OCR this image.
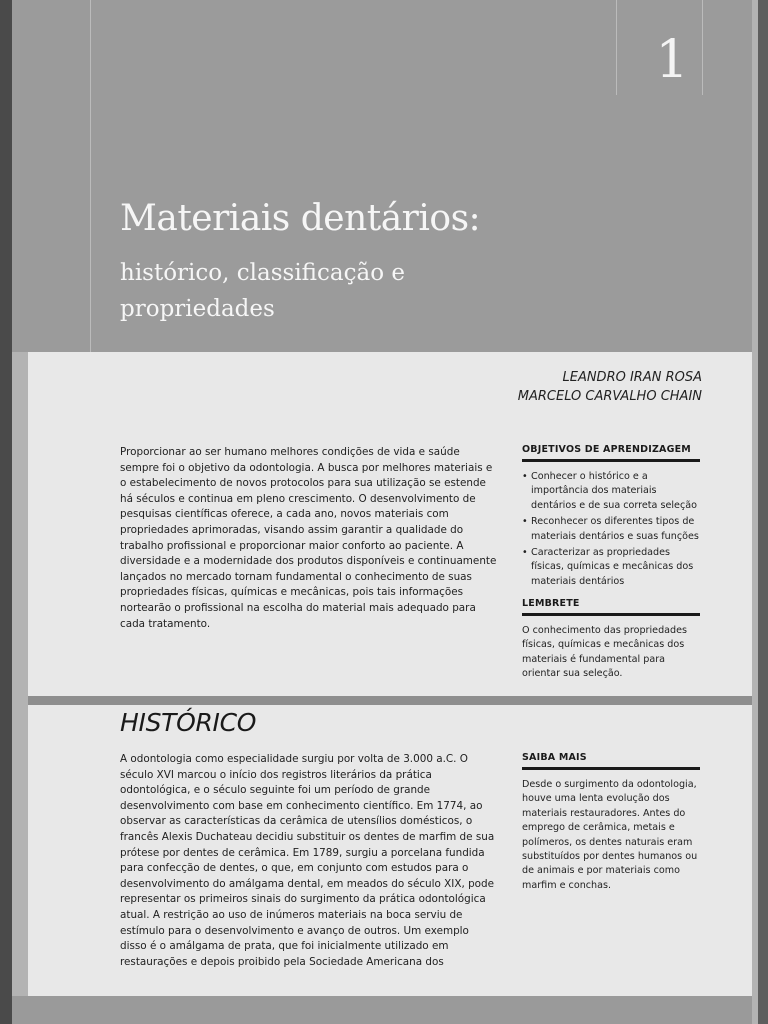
1
Materiais dentários:
histórico, classificação e propriedades
LEANDRO IRAN ROSA
MARCELO CARVALHO CHAIN
Proporcionar ao ser humano melhores condições de vida e saúde sempre foi o objetivo da odontologia. A busca por melhores materiais e o estabelecimento de novos protocolos para sua utilização se estende há séculos e continua em pleno crescimento. O desenvolvimento de pesquisas científicas oferece, a cada ano, novos materiais com propriedades aprimoradas, visando assim garantir a qualidade do trabalho profissional e proporcionar maior conforto ao paciente. A diversidade e a modernidade dos produtos disponíveis e continuamente lançados no mercado tornam fundamental o conhecimento de suas propriedades físicas, químicas e mecânicas, pois tais informações nortearão o profissional na escolha do material mais adequado para cada tratamento.
OBJETIVOS DE APRENDIZAGEM
• Conhecer o histórico e a importância dos materiais dentários e de sua correta seleção
• Reconhecer os diferentes tipos de materiais dentários e suas funções
• Caracterizar as propriedades físicas, químicas e mecânicas dos materiais dentários
LEMBRETE
O conhecimento das propriedades físicas, químicas e mecânicas dos materiais é fundamental para orientar sua seleção.
HISTÓRICO
A odontologia como especialidade surgiu por volta de 3.000 a.C. O século XVI marcou o início dos registros literários da prática odontológica, e o século seguinte foi um período de grande desenvolvimento com base em conhecimento científico. Em 1774, ao observar as características da cerâmica de utensílios domésticos, o francês Alexis Duchateau decidiu substituir os dentes de marfim de sua prótese por dentes de cerâmica. Em 1789, surgiu a porcelana fundida para confecção de dentes, o que, em conjunto com estudos para o desenvolvimento do amálgama dental, em meados do século XIX, pode representar os primeiros sinais do surgimento da prática odontológica atual. A restrição ao uso de inúmeros materiais na boca serviu de estímulo para o desenvolvimento e avanço de outros. Um exemplo disso é o amálgama de prata, que foi inicialmente utilizado em restaurações e depois proibido pela Sociedade Americana dos
SAIBA MAIS
Desde o surgimento da odontologia, houve uma lenta evolução dos materiais restauradores. Antes do emprego de cerâmica, metais e polímeros, os dentes naturais eram substituídos por dentes humanos ou de animais e por materiais como marfim e conchas.
